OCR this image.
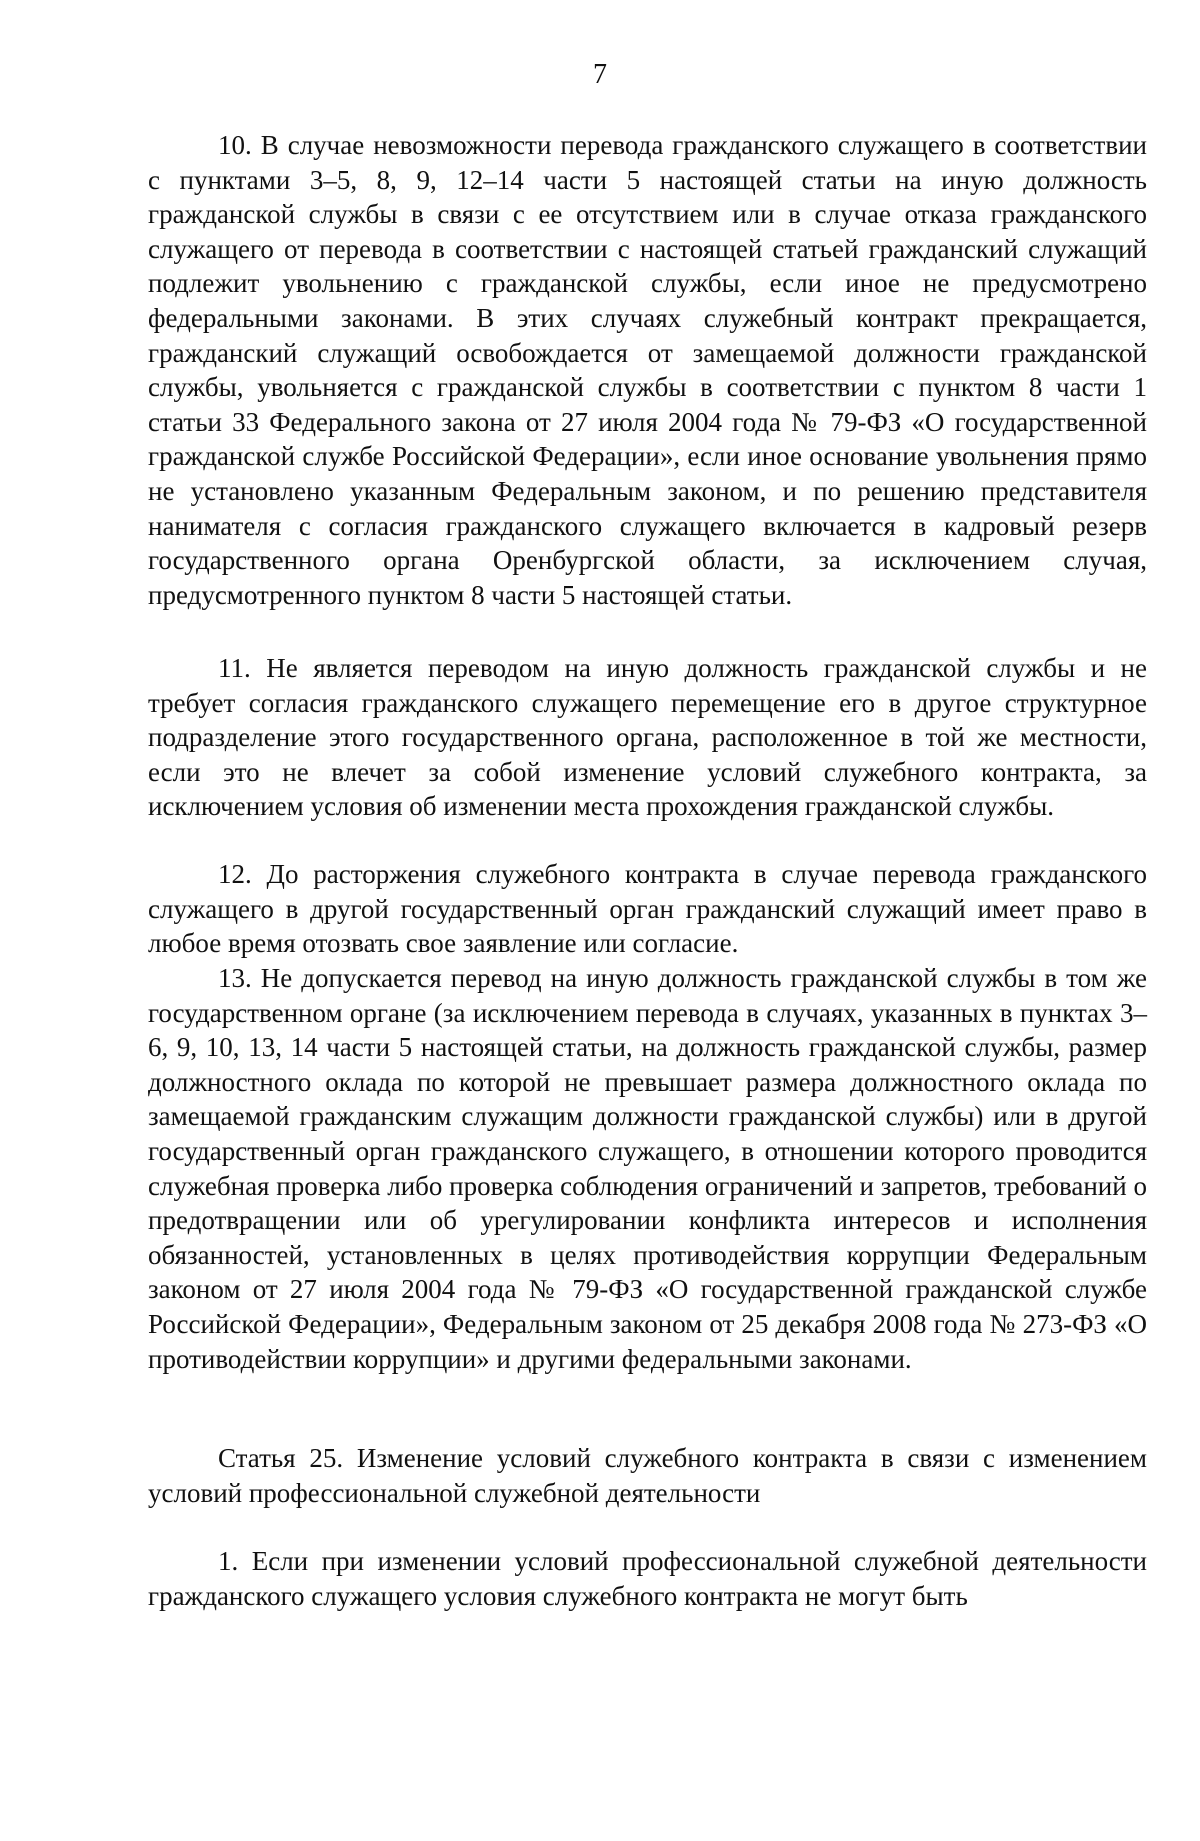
7

10. В случае невозможности перевода гражданского служащего в соответствии с пунктами 3–5, 8, 9, 12–14 части 5 настоящей статьи на иную должность гражданской службы в связи с ее отсутствием или в случае отказа гражданского служащего от перевода в соответствии с настоящей статьей гражданский служащий подлежит увольнению с гражданской службы, если иное не предусмотрено федеральными законами. В этих случаях служебный контракт прекращается, гражданский служащий освобождается от замещаемой должности гражданской службы, увольняется с гражданской службы в соответствии с пунктом 8 части 1 статьи 33 Федерального закона от 27 июля 2004 года № 79-ФЗ «О государственной гражданской службе Российской Федерации», если иное основание увольнения прямо не установлено указанным Федеральным законом, и по решению представителя нанимателя с согласия гражданского служащего включается в кадровый резерв государственного органа Оренбургской области, за исключением случая, предусмотренного пунктом 8 части 5 настоящей статьи.

11. Не является переводом на иную должность гражданской службы и не требует согласия гражданского служащего перемещение его в другое структурное подразделение этого государственного органа, расположенное в той же местности, если это не влечет за собой изменение условий служебного контракта, за исключением условия об изменении места прохождения гражданской службы.

12. До расторжения служебного контракта в случае перевода гражданского служащего в другой государственный орган гражданский служащий имеет право в любое время отозвать свое заявление или согласие.

13. Не допускается перевод на иную должность гражданской службы в том же государственном органе (за исключением перевода в случаях, указанных в пунктах 3–6, 9, 10, 13, 14 части 5 настоящей статьи, на должность гражданской службы, размер должностного оклада по которой не превышает размера должностного оклада по замещаемой гражданским служащим должности гражданской службы) или в другой государственный орган гражданского служащего, в отношении которого проводится служебная проверка либо проверка соблюдения ограничений и запретов, требований о предотвращении или об урегулировании конфликта интересов и исполнения обязанностей, установленных в целях противодействия коррупции Федеральным законом от 27 июля 2004 года № 79-ФЗ «О государственной гражданской службе Российской Федерации», Федеральным законом от 25 декабря 2008 года № 273-ФЗ «О противодействии коррупции» и другими федеральными законами.

Статья 25. Изменение условий служебного контракта в связи с изменением условий профессиональной служебной деятельности

1. Если при изменении условий профессиональной служебной деятельности гражданского служащего условия служебного контракта не могут быть
